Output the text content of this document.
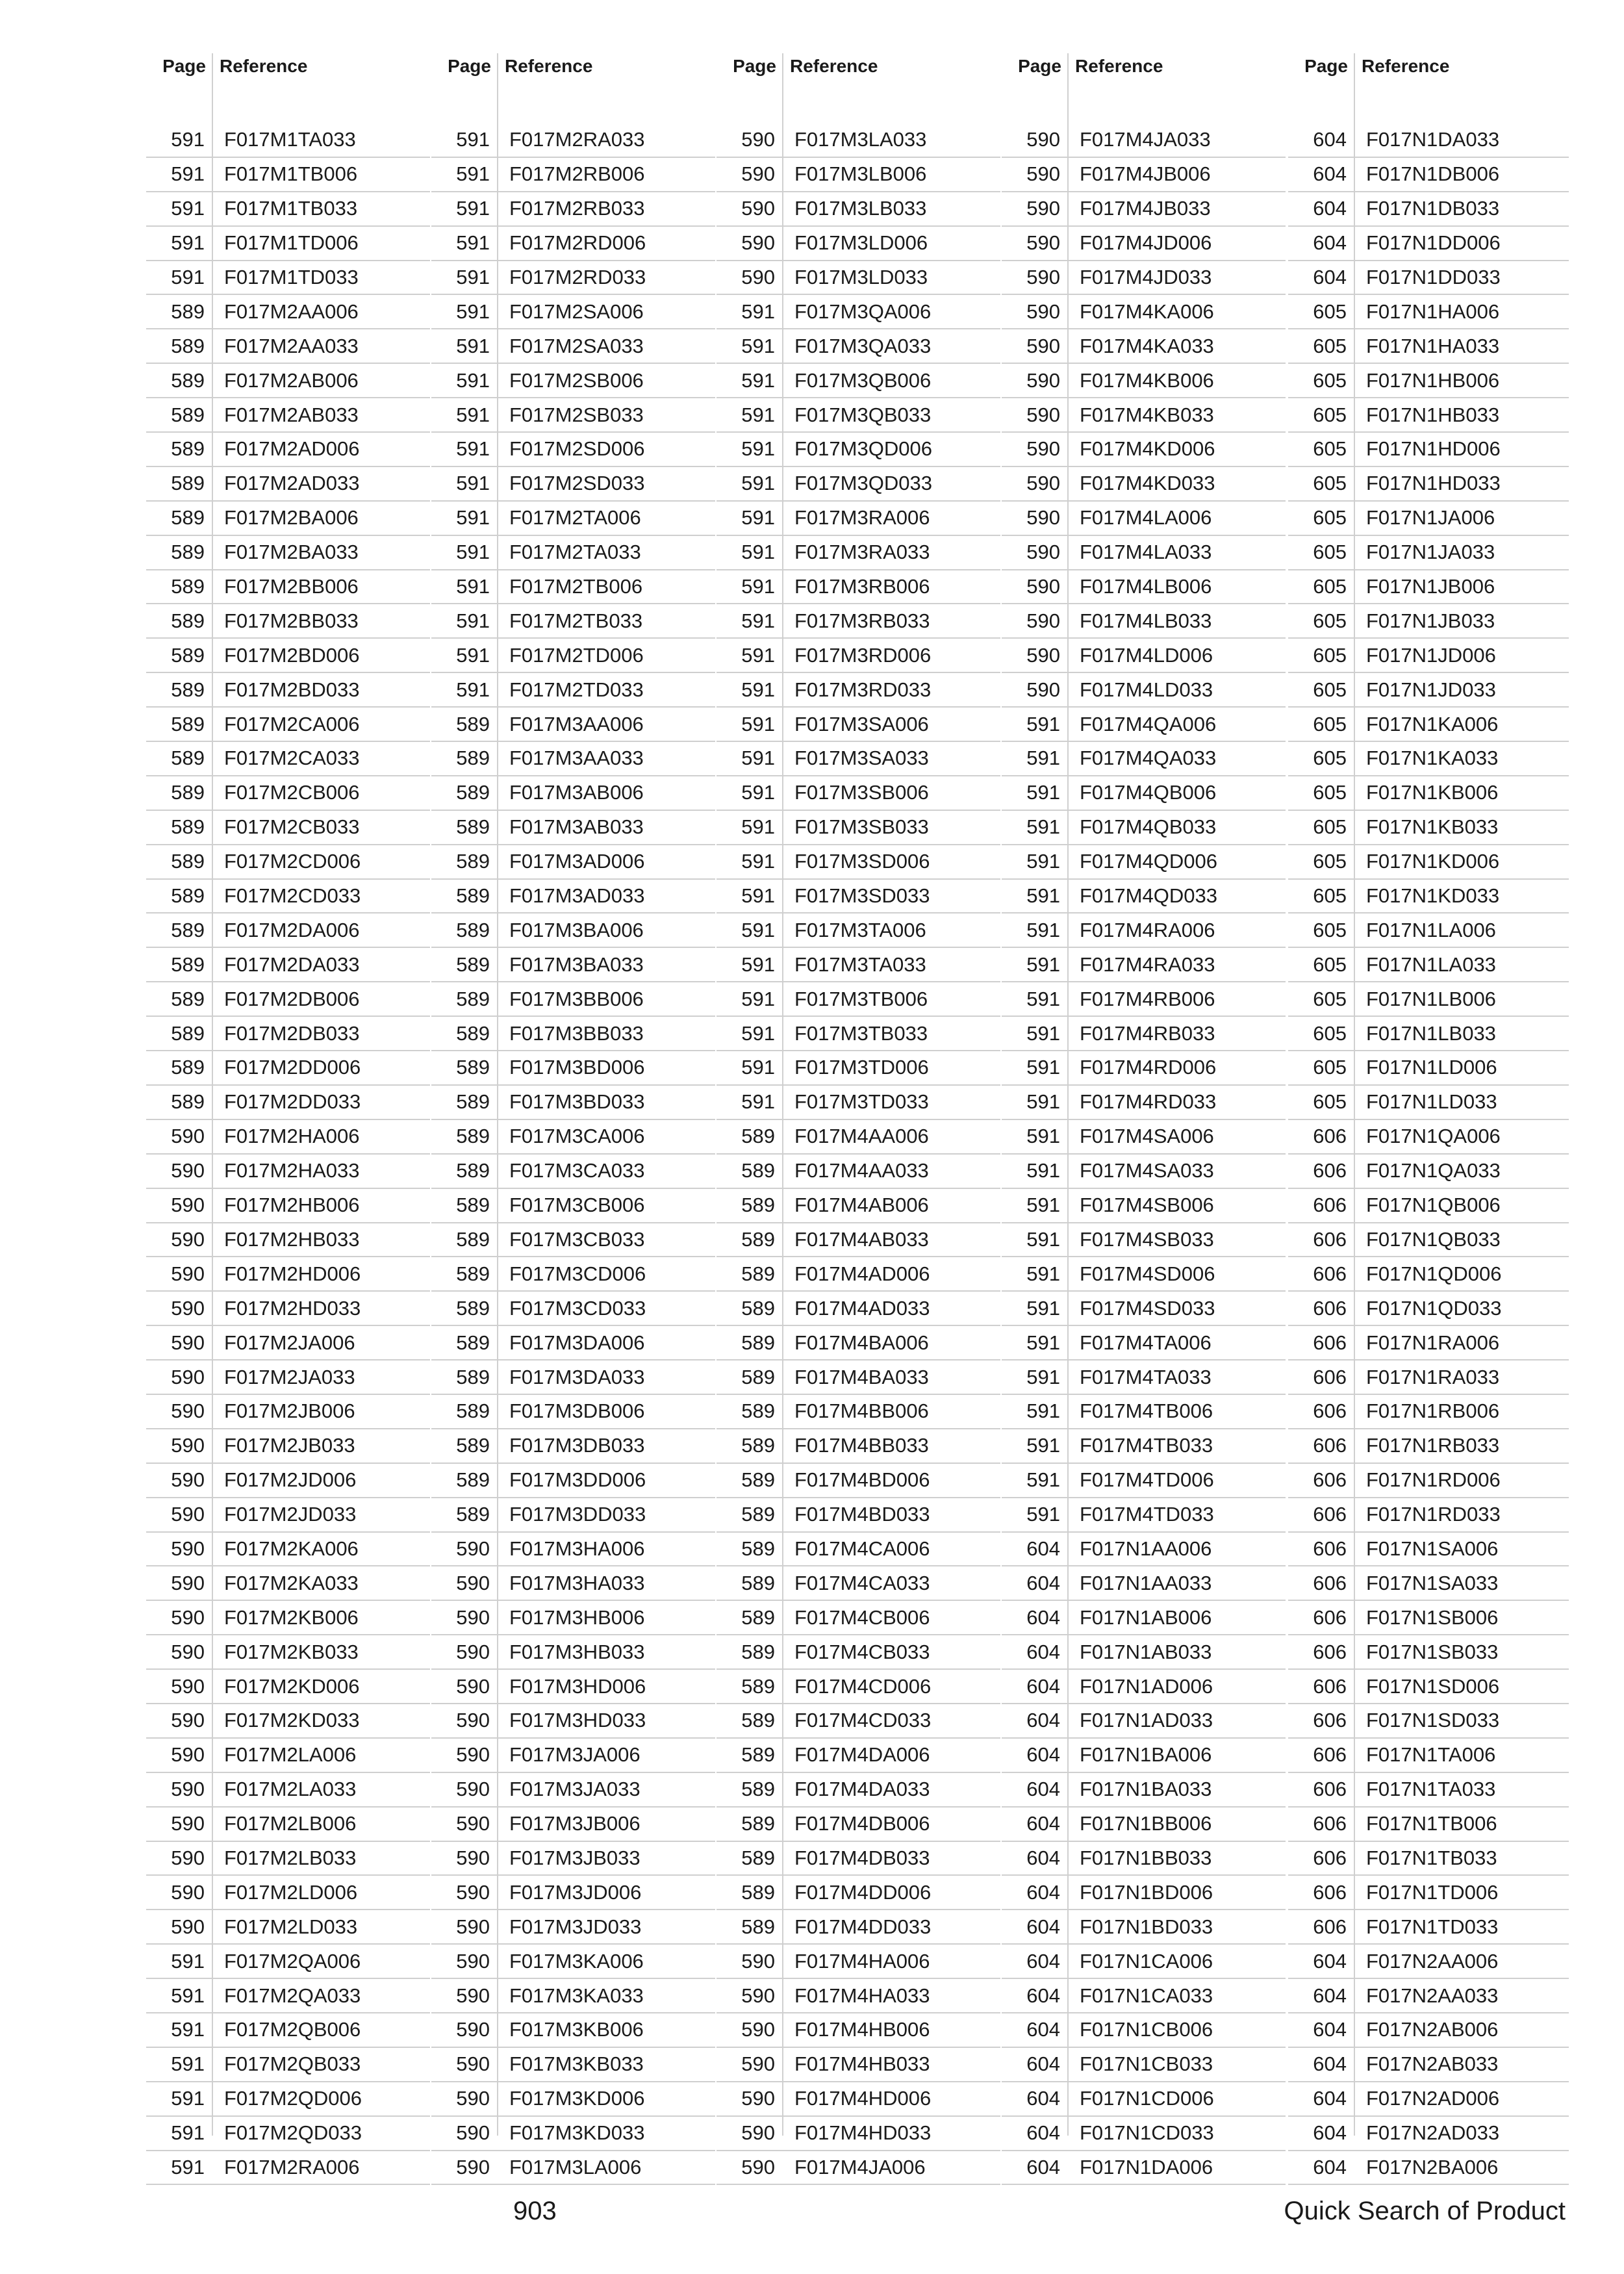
Page Reference
591	F017M1TA033
591	F017M1TB006
591	F017M1TB033
591	F017M1TD006
591	F017M1TD033
589	F017M2AA006
589	F017M2AA033
589	F017M2AB006
589	F017M2AB033
589	F017M2AD006
589	F017M2AD033
589	F017M2BA006
589	F017M2BA033
589	F017M2BB006
589	F017M2BB033
589	F017M2BD006
589	F017M2BD033
589	F017M2CA006
589	F017M2CA033
589	F017M2CB006
589	F017M2CB033
589	F017M2CD006
589	F017M2CD033
589	F017M2DA006
589	F017M2DA033
589	F017M2DB006
589	F017M2DB033
589	F017M2DD006
589	F017M2DD033
590	F017M2HA006
590	F017M2HA033
590	F017M2HB006
590	F017M2HB033
590	F017M2HD006
590	F017M2HD033
590	F017M2JA006
590	F017M2JA033
590	F017M2JB006
590	F017M2JB033
590	F017M2JD006
590	F017M2JD033
590	F017M2KA006
590	F017M2KA033
590	F017M2KB006
590	F017M2KB033
590	F017M2KD006
590	F017M2KD033
590	F017M2LA006
590	F017M2LA033
590	F017M2LB006
590	F017M2LB033
590	F017M2LD006
590	F017M2LD033
591	F017M2QA006
591	F017M2QA033
591	F017M2QB006
591	F017M2QB033
591	F017M2QD006
591	F017M2QD033
591	F017M2RA006
Page Reference
591	F017M2RA033
591	F017M2RB006
591	F017M2RB033
591	F017M2RD006
591	F017M2RD033
591	F017M2SA006
591	F017M2SA033
591	F017M2SB006
591	F017M2SB033
591	F017M2SD006
591	F017M2SD033
591	F017M2TA006
591	F017M2TA033
591	F017M2TB006
591	F017M2TB033
591	F017M2TD006
591	F017M2TD033
589	F017M3AA006
589	F017M3AA033
589	F017M3AB006
589	F017M3AB033
589	F017M3AD006
589	F017M3AD033
589	F017M3BA006
589	F017M3BA033
589	F017M3BB006
589	F017M3BB033
589	F017M3BD006
589	F017M3BD033
589	F017M3CA006
589	F017M3CA033
589	F017M3CB006
589	F017M3CB033
589	F017M3CD006
589	F017M3CD033
589	F017M3DA006
589	F017M3DA033
589	F017M3DB006
589	F017M3DB033
589	F017M3DD006
589	F017M3DD033
590	F017M3HA006
590	F017M3HA033
590	F017M3HB006
590	F017M3HB033
590	F017M3HD006
590	F017M3HD033
590	F017M3JA006
590	F017M3JA033
590	F017M3JB006
590	F017M3JB033
590	F017M3JD006
590	F017M3JD033
590	F017M3KA006
590	F017M3KA033
590	F017M3KB006
590	F017M3KB033
590	F017M3KD006
590	F017M3KD033
590	F017M3LA006
Page Reference
590	F017M3LA033
590	F017M3LB006
590	F017M3LB033
590	F017M3LD006
590	F017M3LD033
591	F017M3QA006
591	F017M3QA033
591	F017M3QB006
591	F017M3QB033
591	F017M3QD006
591	F017M3QD033
591	F017M3RA006
591	F017M3RA033
591	F017M3RB006
591	F017M3RB033
591	F017M3RD006
591	F017M3RD033
591	F017M3SA006
591	F017M3SA033
591	F017M3SB006
591	F017M3SB033
591	F017M3SD006
591	F017M3SD033
591	F017M3TA006
591	F017M3TA033
591	F017M3TB006
591	F017M3TB033
591	F017M3TD006
591	F017M3TD033
589	F017M4AA006
589	F017M4AA033
589	F017M4AB006
589	F017M4AB033
589	F017M4AD006
589	F017M4AD033
589	F017M4BA006
589	F017M4BA033
589	F017M4BB006
589	F017M4BB033
589	F017M4BD006
589	F017M4BD033
589	F017M4CA006
589	F017M4CA033
589	F017M4CB006
589	F017M4CB033
589	F017M4CD006
589	F017M4CD033
589	F017M4DA006
589	F017M4DA033
589	F017M4DB006
589	F017M4DB033
589	F017M4DD006
589	F017M4DD033
590	F017M4HA006
590	F017M4HA033
590	F017M4HB006
590	F017M4HB033
590	F017M4HD006
590	F017M4HD033
590	F017M4JA006
Page Reference
590	F017M4JA033
590	F017M4JB006
590	F017M4JB033
590	F017M4JD006
590	F017M4JD033
590	F017M4KA006
590	F017M4KA033
590	F017M4KB006
590	F017M4KB033
590	F017M4KD006
590	F017M4KD033
590	F017M4LA006
590	F017M4LA033
590	F017M4LB006
590	F017M4LB033
590	F017M4LD006
590	F017M4LD033
591	F017M4QA006
591	F017M4QA033
591	F017M4QB006
591	F017M4QB033
591	F017M4QD006
591	F017M4QD033
591	F017M4RA006
591	F017M4RA033
591	F017M4RB006
591	F017M4RB033
591	F017M4RD006
591	F017M4RD033
591	F017M4SA006
591	F017M4SA033
591	F017M4SB006
591	F017M4SB033
591	F017M4SD006
591	F017M4SD033
591	F017M4TA006
591	F017M4TA033
591	F017M4TB006
591	F017M4TB033
591	F017M4TD006
591	F017M4TD033
604	F017N1AA006
604	F017N1AA033
604	F017N1AB006
604	F017N1AB033
604	F017N1AD006
604	F017N1AD033
604	F017N1BA006
604	F017N1BA033
604	F017N1BB006
604	F017N1BB033
604	F017N1BD006
604	F017N1BD033
604	F017N1CA006
604	F017N1CA033
604	F017N1CB006
604	F017N1CB033
604	F017N1CD006
604	F017N1CD033
604	F017N1DA006
Page Reference
604	F017N1DA033
604	F017N1DB006
604	F017N1DB033
604	F017N1DD006
604	F017N1DD033
605	F017N1HA006
605	F017N1HA033
605	F017N1HB006
605	F017N1HB033
605	F017N1HD006
605	F017N1HD033
605	F017N1JA006
605	F017N1JA033
605	F017N1JB006
605	F017N1JB033
605	F017N1JD006
605	F017N1JD033
605	F017N1KA006
605	F017N1KA033
605	F017N1KB006
605	F017N1KB033
605	F017N1KD006
605	F017N1KD033
605	F017N1LA006
605	F017N1LA033
605	F017N1LB006
605	F017N1LB033
605	F017N1LD006
605	F017N1LD033
606	F017N1QA006
606	F017N1QA033
606	F017N1QB006
606	F017N1QB033
606	F017N1QD006
606	F017N1QD033
606	F017N1RA006
606	F017N1RA033
606	F017N1RB006
606	F017N1RB033
606	F017N1RD006
606	F017N1RD033
606	F017N1SA006
606	F017N1SA033
606	F017N1SB006
606	F017N1SB033
606	F017N1SD006
606	F017N1SD033
606	F017N1TA006
606	F017N1TA033
606	F017N1TB006
606	F017N1TB033
606	F017N1TD006
606	F017N1TD033
604	F017N2AA006
604	F017N2AA033
604	F017N2AB006
604	F017N2AB033
604	F017N2AD006
604	F017N2AD033
604	F017N2BA006
903	Quick Search of Product
